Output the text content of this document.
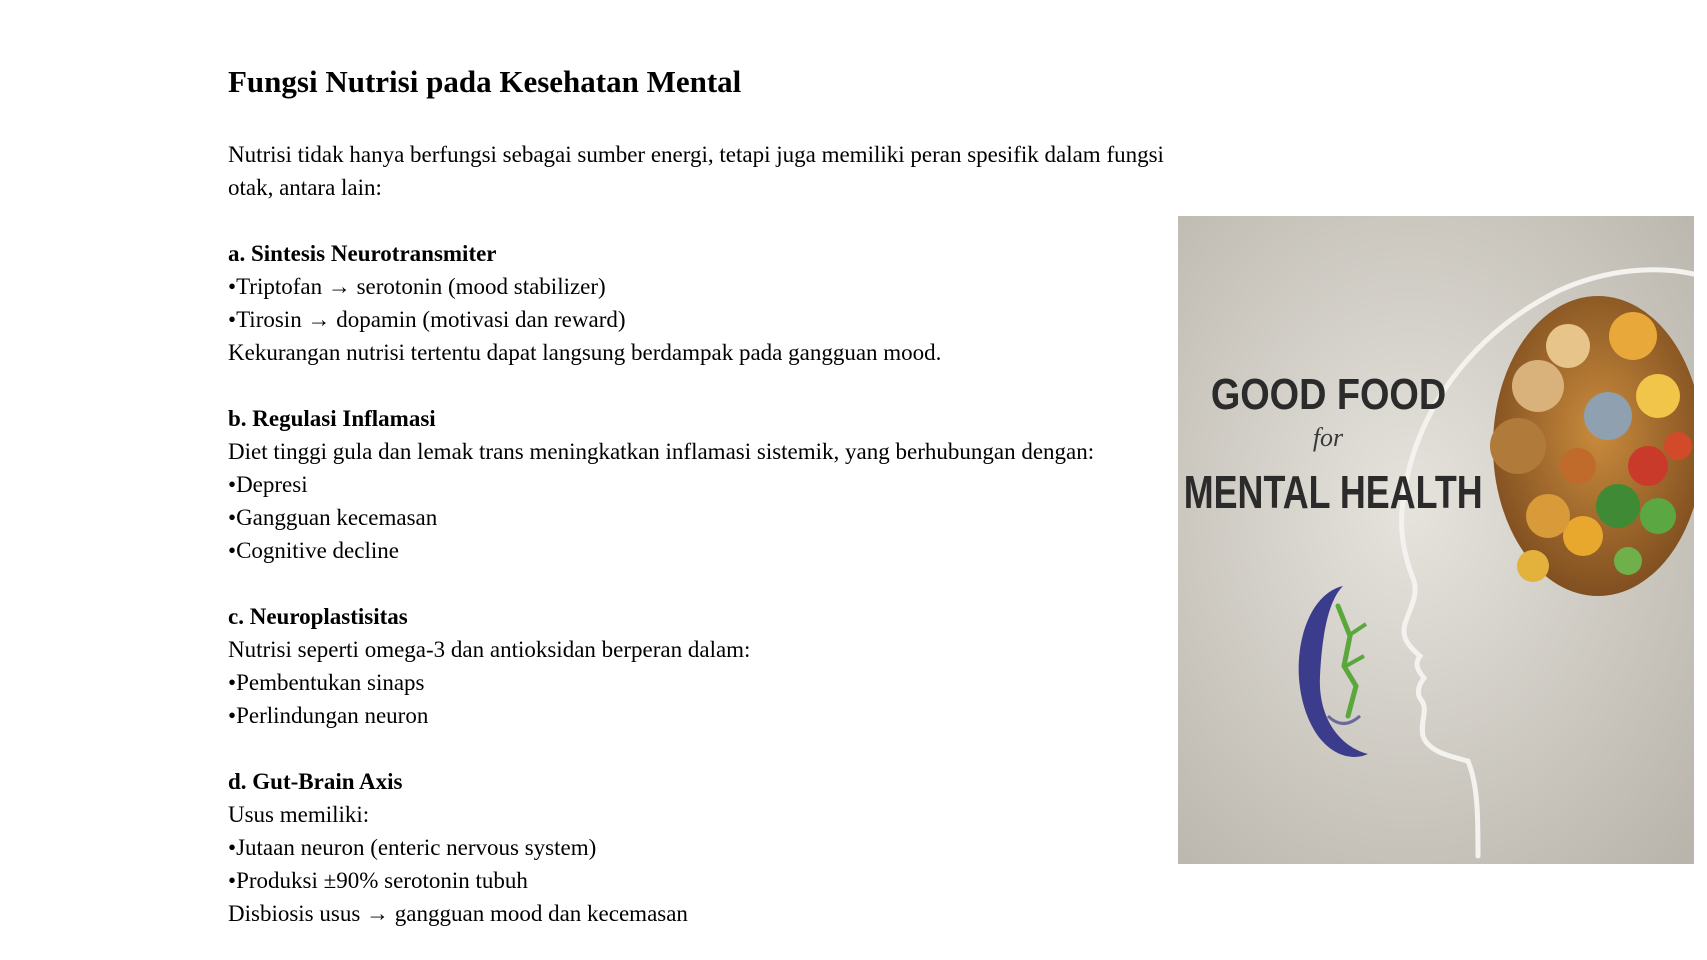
Fungsi Nutrisi pada Kesehatan Mental
Nutrisi tidak hanya berfungsi sebagai sumber energi, tetapi juga memiliki peran spesifik dalam fungsi
otak, antara lain:
a. Sintesis Neurotransmiter
•Triptofan → serotonin (mood stabilizer)
•Tirosin → dopamin (motivasi dan reward)
Kekurangan nutrisi tertentu dapat langsung berdampak pada gangguan mood.
b. Regulasi Inflamasi
Diet tinggi gula dan lemak trans meningkatkan inflamasi sistemik, yang berhubungan dengan:
•Depresi
•Gangguan kecemasan
•Cognitive decline
c. Neuroplastisitas
Nutrisi seperti omega-3 dan antioksidan berperan dalam:
•Pembentukan sinaps
•Perlindungan neuron
d. Gut-Brain Axis
Usus memiliki:
•Jutaan neuron (enteric nervous system)
•Produksi ±90% serotonin tubuh
Disbiosis usus → gangguan mood dan kecemasan
GOOD FOOD
for
MENTAL HEALTH
